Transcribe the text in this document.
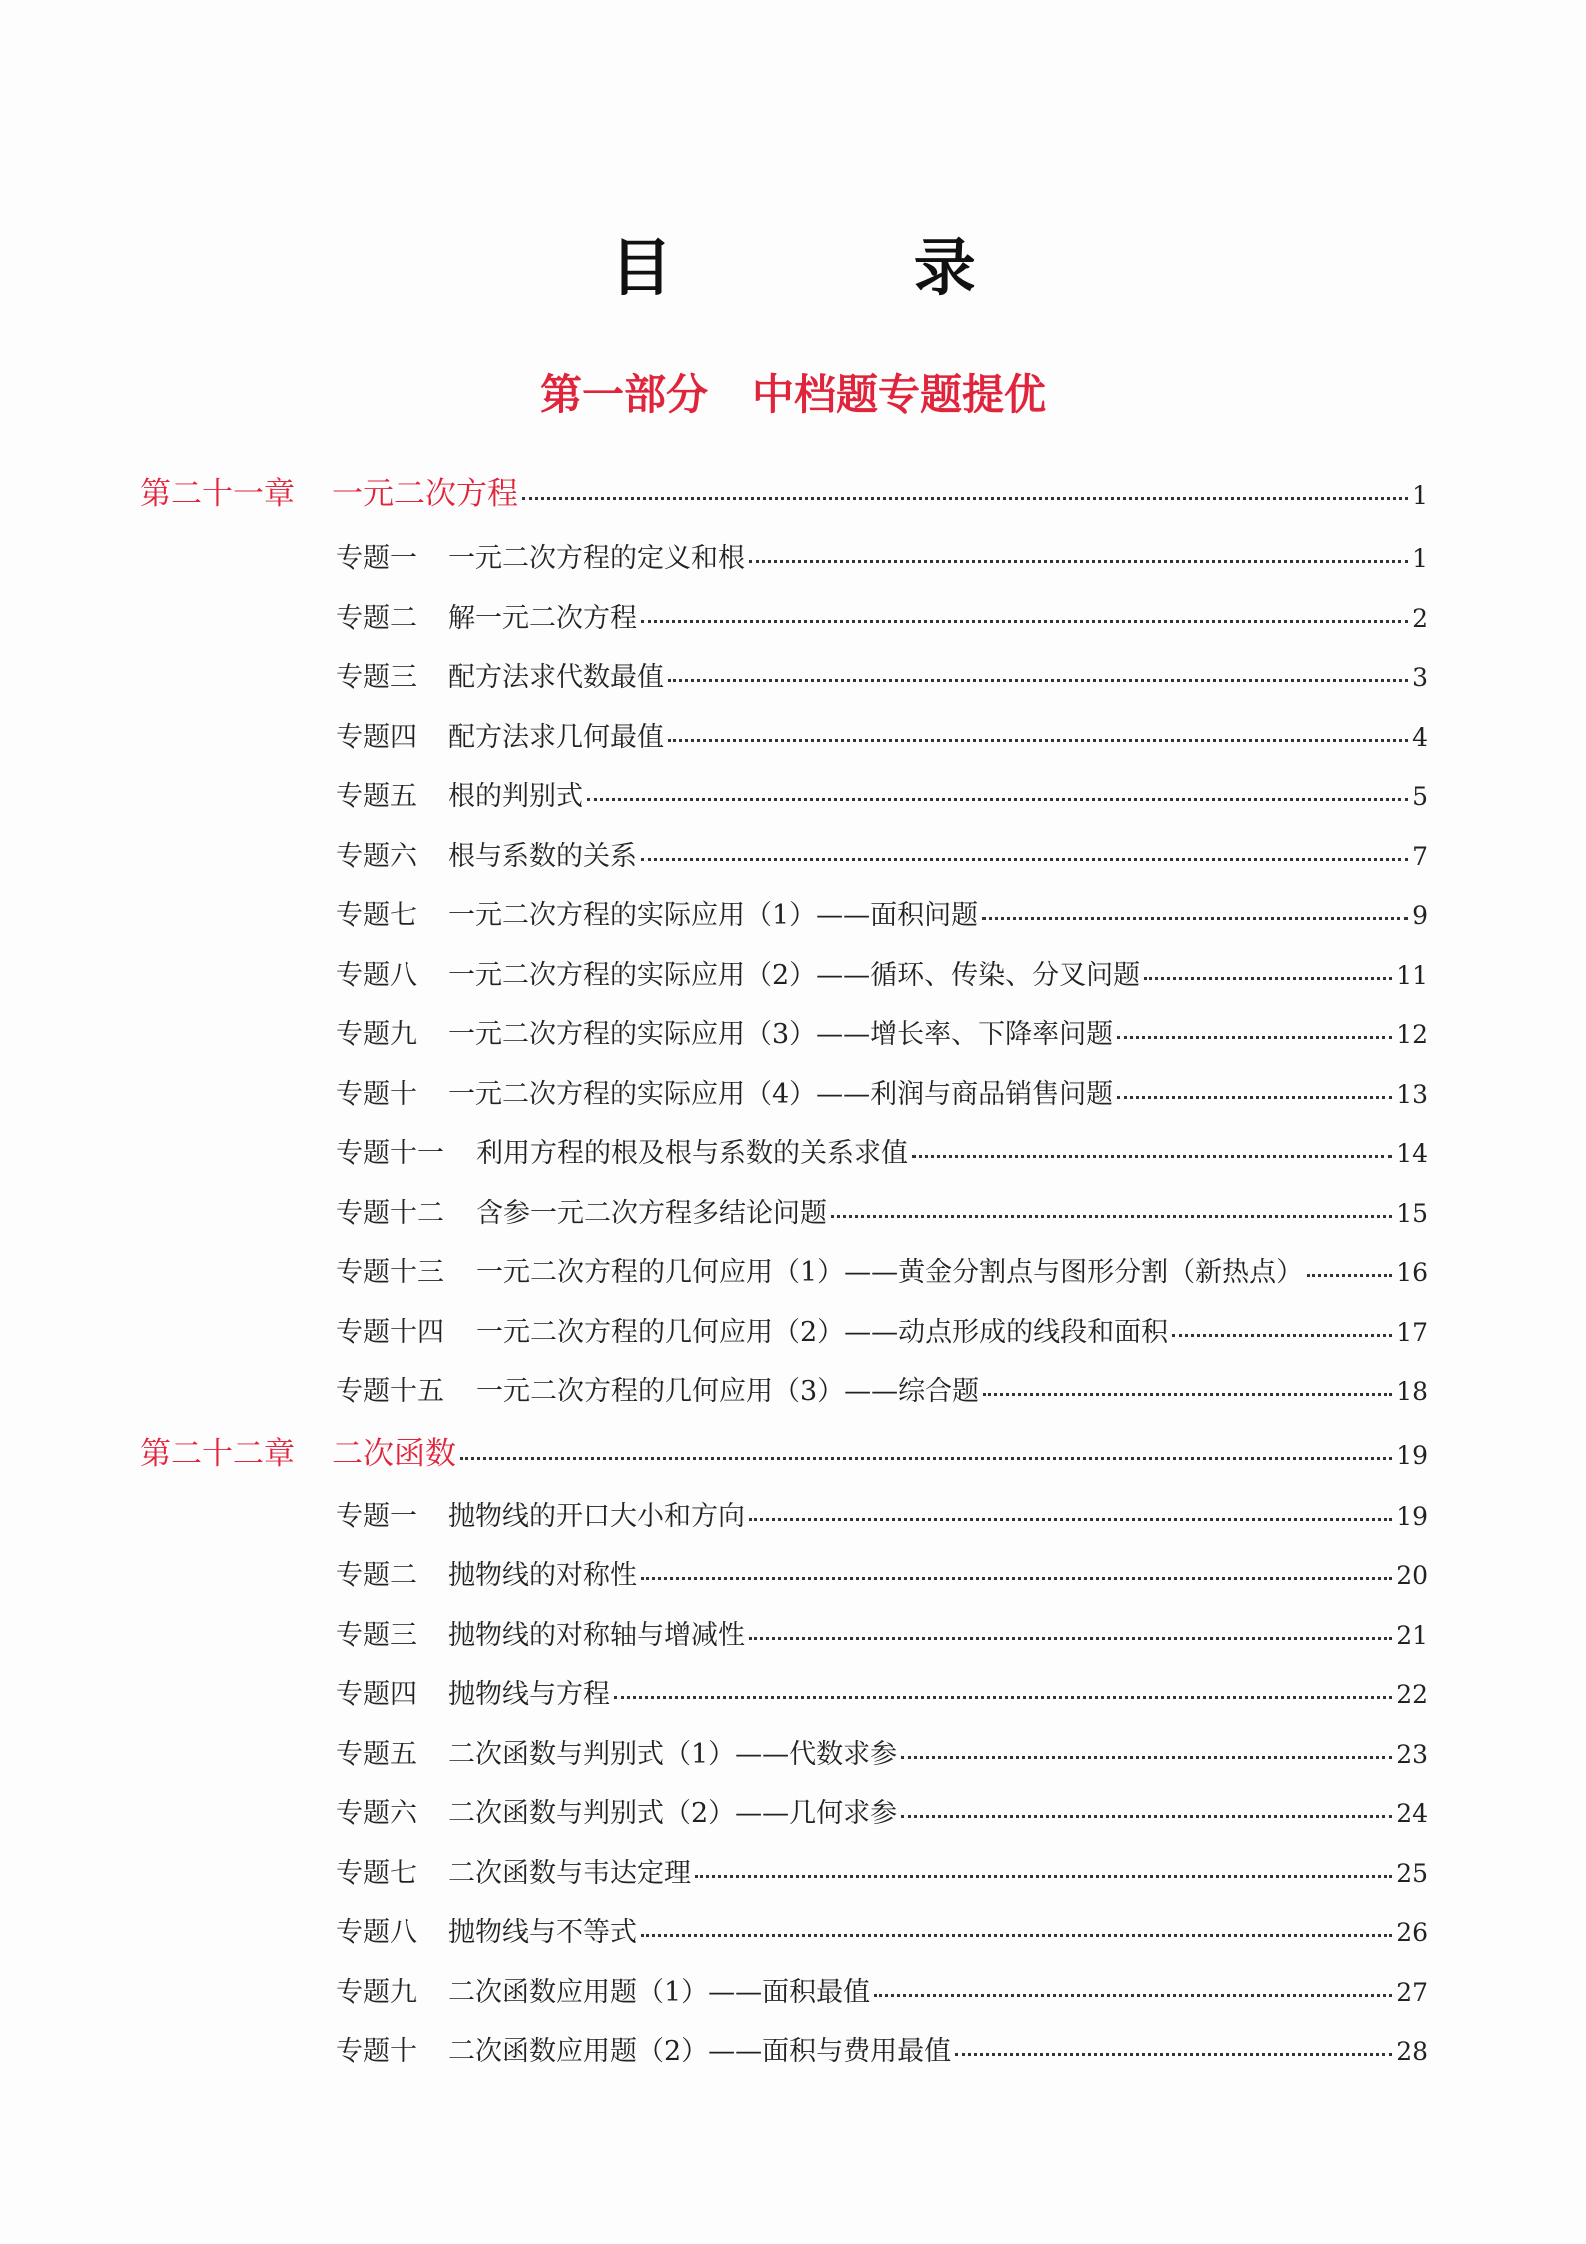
目 录
第一部分 中档题专题提优
第二十一章	一元二次方程	1
专题一	一元二次方程的定义和根	1
专题二	解一元二次方程	2
专题三	配方法求代数最值	3
专题四	配方法求几何最值	4
专题五	根的判别式	5
专题六	根与系数的关系	7
专题七	一元二次方程的实际应用（1）——面积问题	9
专题八	一元二次方程的实际应用（2）——循环、传染、分叉问题	11
专题九	一元二次方程的实际应用（3）——增长率、下降率问题	12
专题十	一元二次方程的实际应用（4）——利润与商品销售问题	13
专题十一	利用方程的根及根与系数的关系求值	14
专题十二	含参一元二次方程多结论问题	15
专题十三	一元二次方程的几何应用（1）——黄金分割点与图形分割（新热点）	16
专题十四	一元二次方程的几何应用（2）——动点形成的线段和面积	17
专题十五	一元二次方程的几何应用（3）——综合题	18
第二十二章	二次函数	19
专题一	抛物线的开口大小和方向	19
专题二	抛物线的对称性	20
专题三	抛物线的对称轴与增减性	21
专题四	抛物线与方程	22
专题五	二次函数与判别式（1）——代数求参	23
专题六	二次函数与判别式（2）——几何求参	24
专题七	二次函数与韦达定理	25
专题八	抛物线与不等式	26
专题九	二次函数应用题（1）——面积最值	27
专题十	二次函数应用题（2）——面积与费用最值	28
